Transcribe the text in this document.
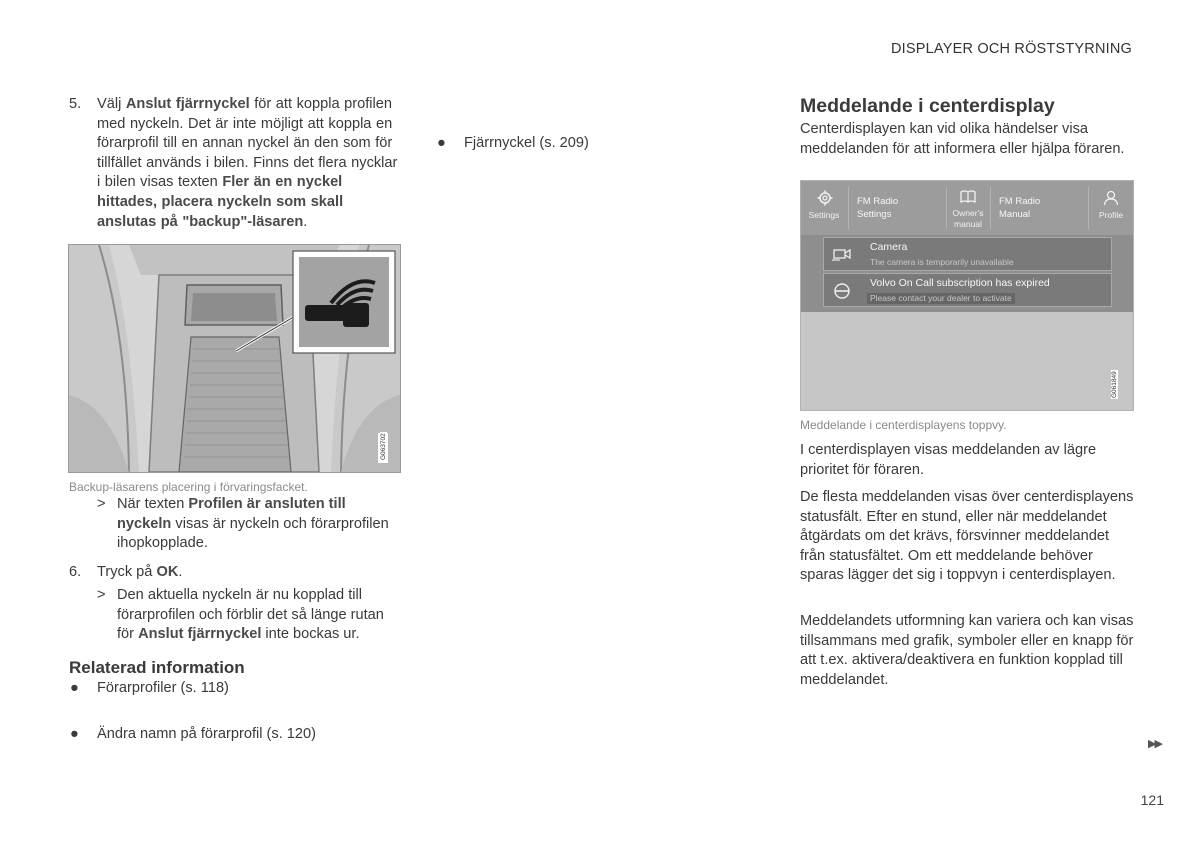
DISPLAYER OCH RÖSTSTYRNING

5. Välj Anslut fjärrnyckel för att koppla profilen med nyckeln. Det är inte möjligt att koppla en förarprofil till en annan nyckel än den som för tillfället används i bilen. Finns det flera nycklar i bilen visas texten Fler än en nyckel hittades, placera nyckeln som skall anslutas på "backup"-läsaren.

G063702
Backup-läsarens placering i förvaringsfacket.

> När texten Profilen är ansluten till nyckeln visas är nyckeln och förarprofilen ihopkopplade.

6. Tryck på OK.

> Den aktuella nyckeln är nu kopplad till förarprofilen och förblir det så länge rutan för Anslut fjärrnyckel inte bockas ur.

Relaterad information
● Förarprofiler (s. 118)
● Ändra namn på förarprofil (s. 120)
● Fjärrnyckel (s. 209)
Meddelande i centerdisplay
Centerdisplayen kan vid olika händelser visa meddelanden för att informera eller hjälpa föraren.
Settings
FM Radio
Settings	Owner's
manual
FM Radio
Manual	Profile
Camera
The camera is temporarily unavailable
Volvo On Call subscription has expired
Please contact your dealer to activate
G061849
Meddelande i centerdisplayens toppvy.
I centerdisplayen visas meddelanden av lägre prioritet för föraren.
De flesta meddelanden visas över centerdisplayens statusfält. Efter en stund, eller när meddelandet åtgärdats om det krävs, försvinner meddelandet från statusfältet. Om ett meddelande behöver sparas lägger det sig i toppvyn i centerdisplayen.
Meddelandets utformning kan variera och kan visas tillsammans med grafik, symboler eller en knapp för att t.ex. aktivera/deaktivera en funktion kopplad till meddelandet.
▶▶
121
